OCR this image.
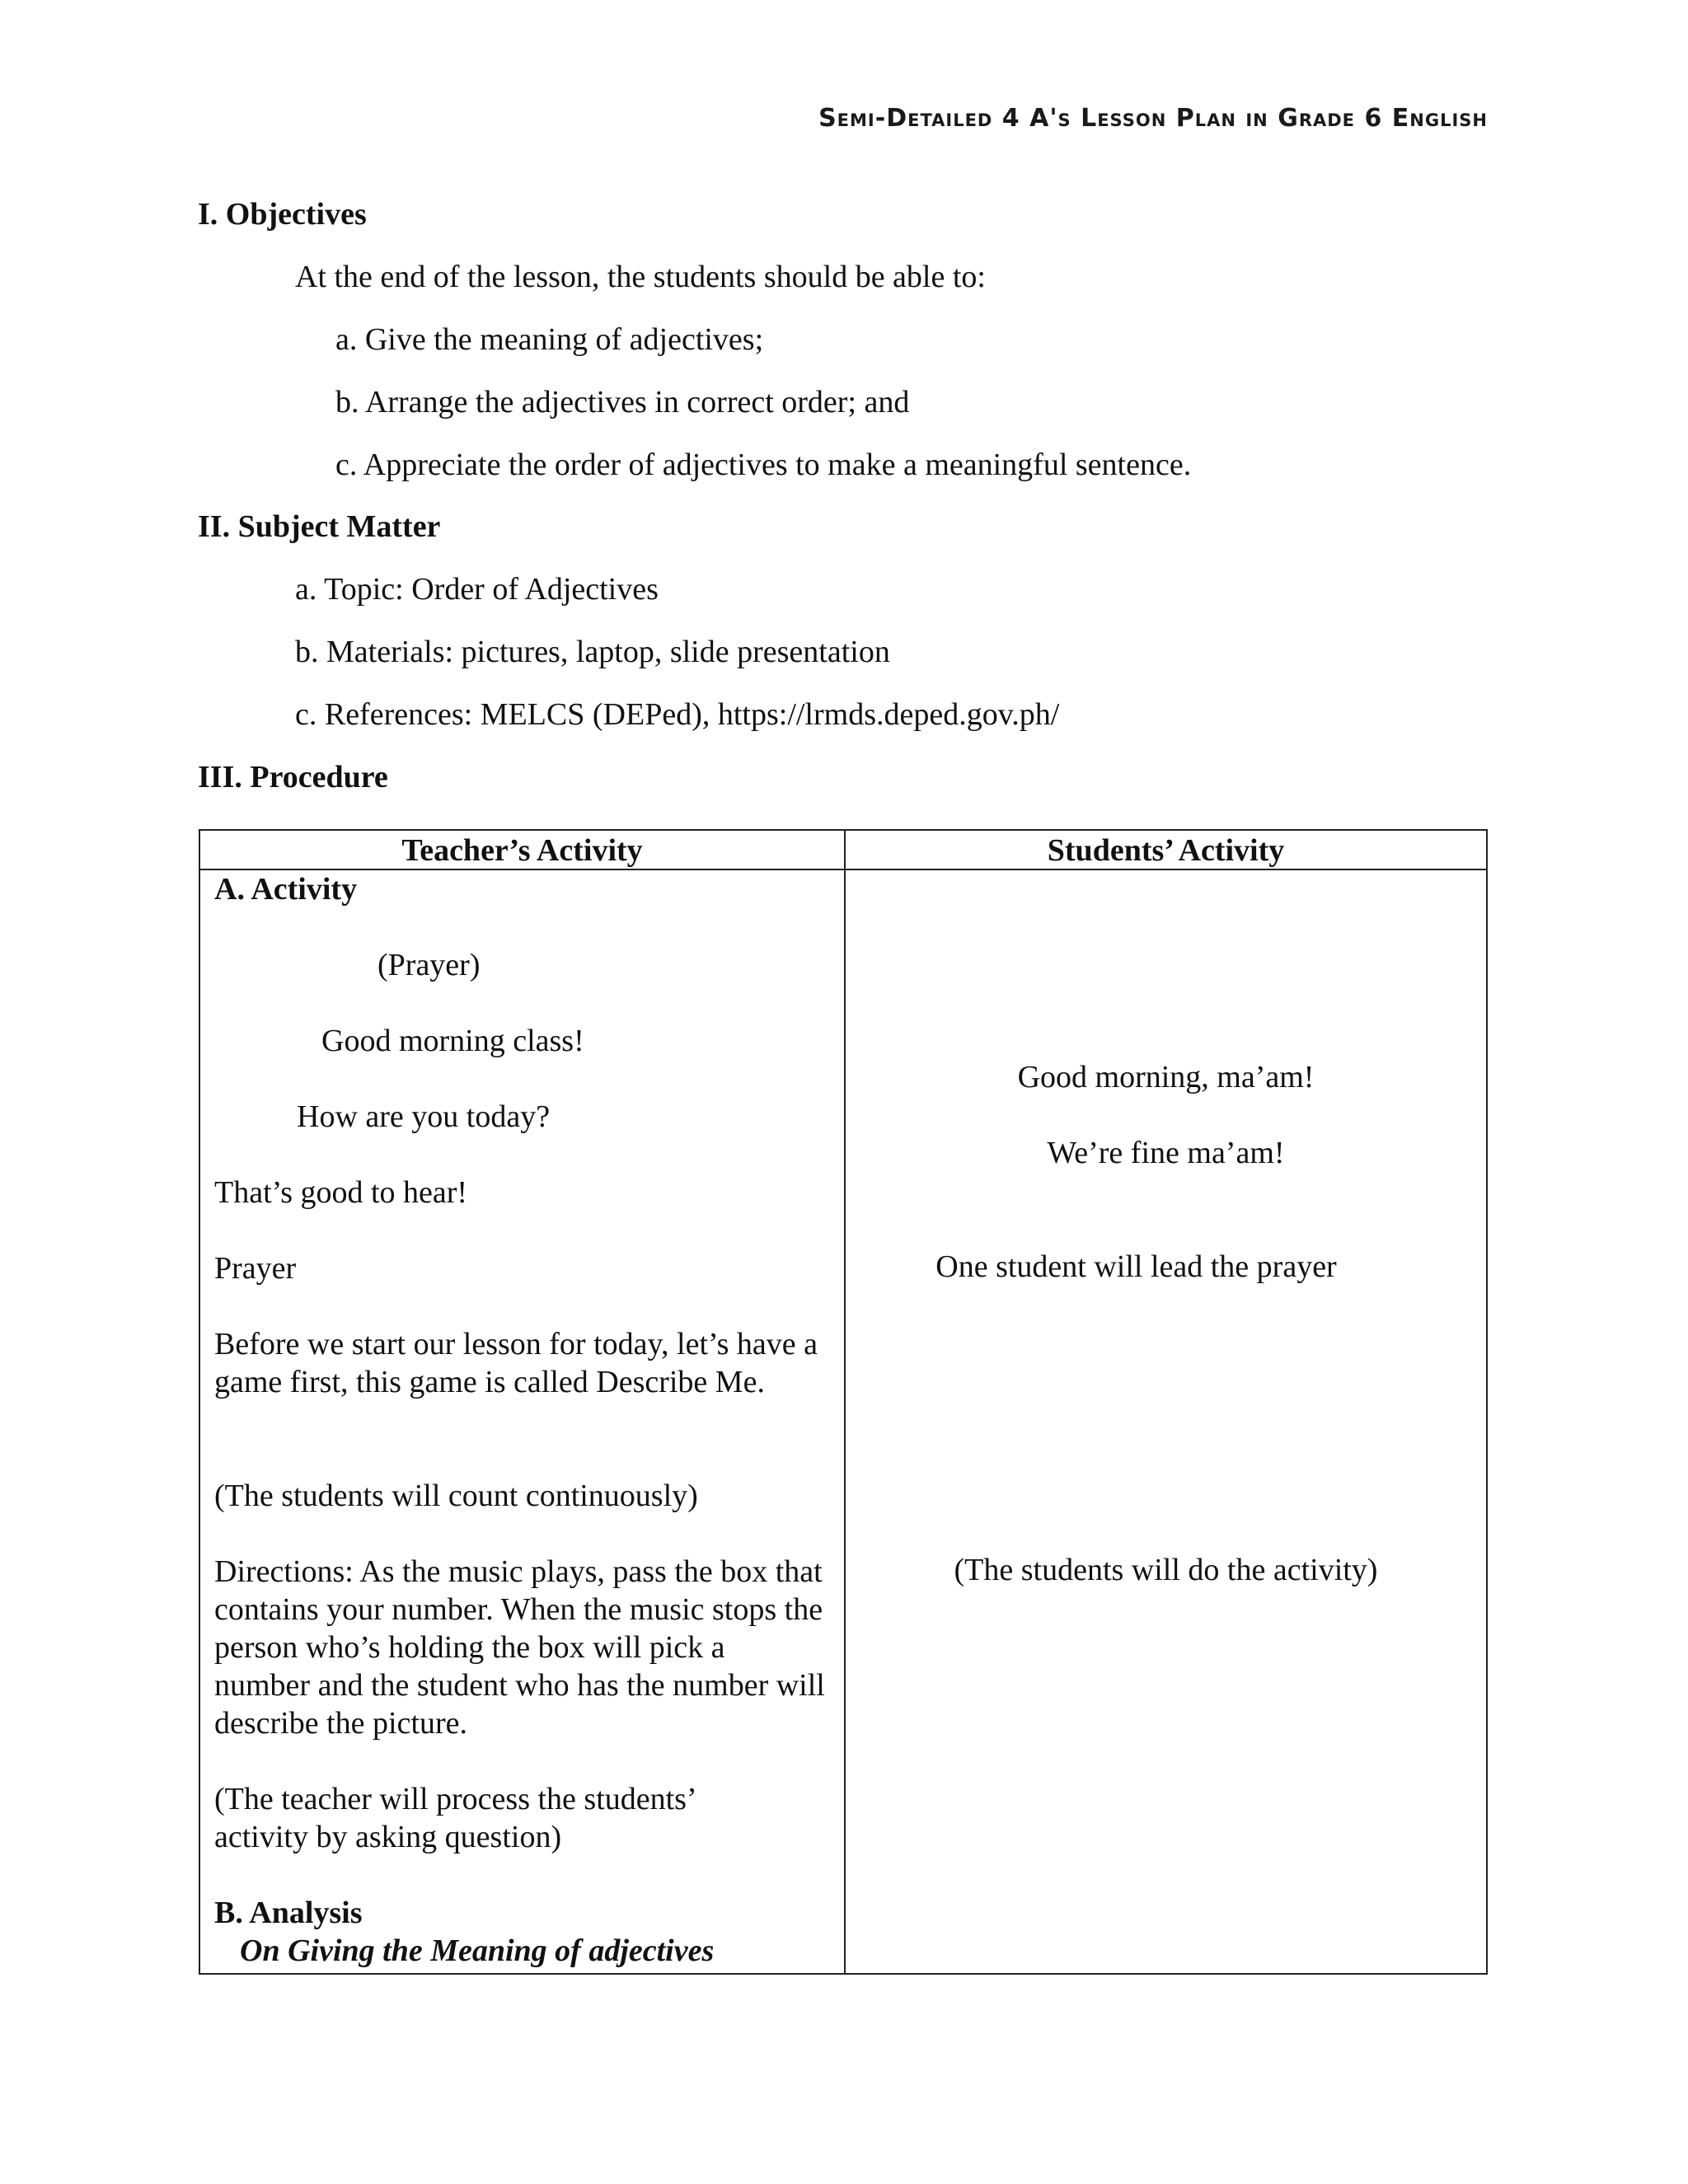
Semi-Detailed 4 A's Lesson Plan in Grade 6 English
I. Objectives
At the end of the lesson, the students should be able to:
a. Give the meaning of adjectives;
b. Arrange the adjectives in correct order; and
c. Appreciate the order of adjectives to make a meaningful sentence.
II. Subject Matter
a. Topic: Order of Adjectives
b. Materials: pictures, laptop, slide presentation
c. References: MELCS (DEPed), https://lrmds.deped.gov.ph/
III. Procedure
Teacher’s Activity	Students’ Activity
A. Activity
(Prayer)
Good morning class!
How are you today?
That’s good to hear!
Prayer
Before we start our lesson for today, let’s have a game first, this game is called Describe Me.
(The students will count continuously)
Directions: As the music plays, pass the box that contains your number. When the music stops the person who’s holding the box will pick a number and the student who has the number will describe the picture.
(The teacher will process the students’ activity by asking question)
B. Analysis
On Giving the Meaning of adjectives
Good morning, ma’am!
We’re fine ma’am!
One student will lead the prayer
(The students will do the activity)
